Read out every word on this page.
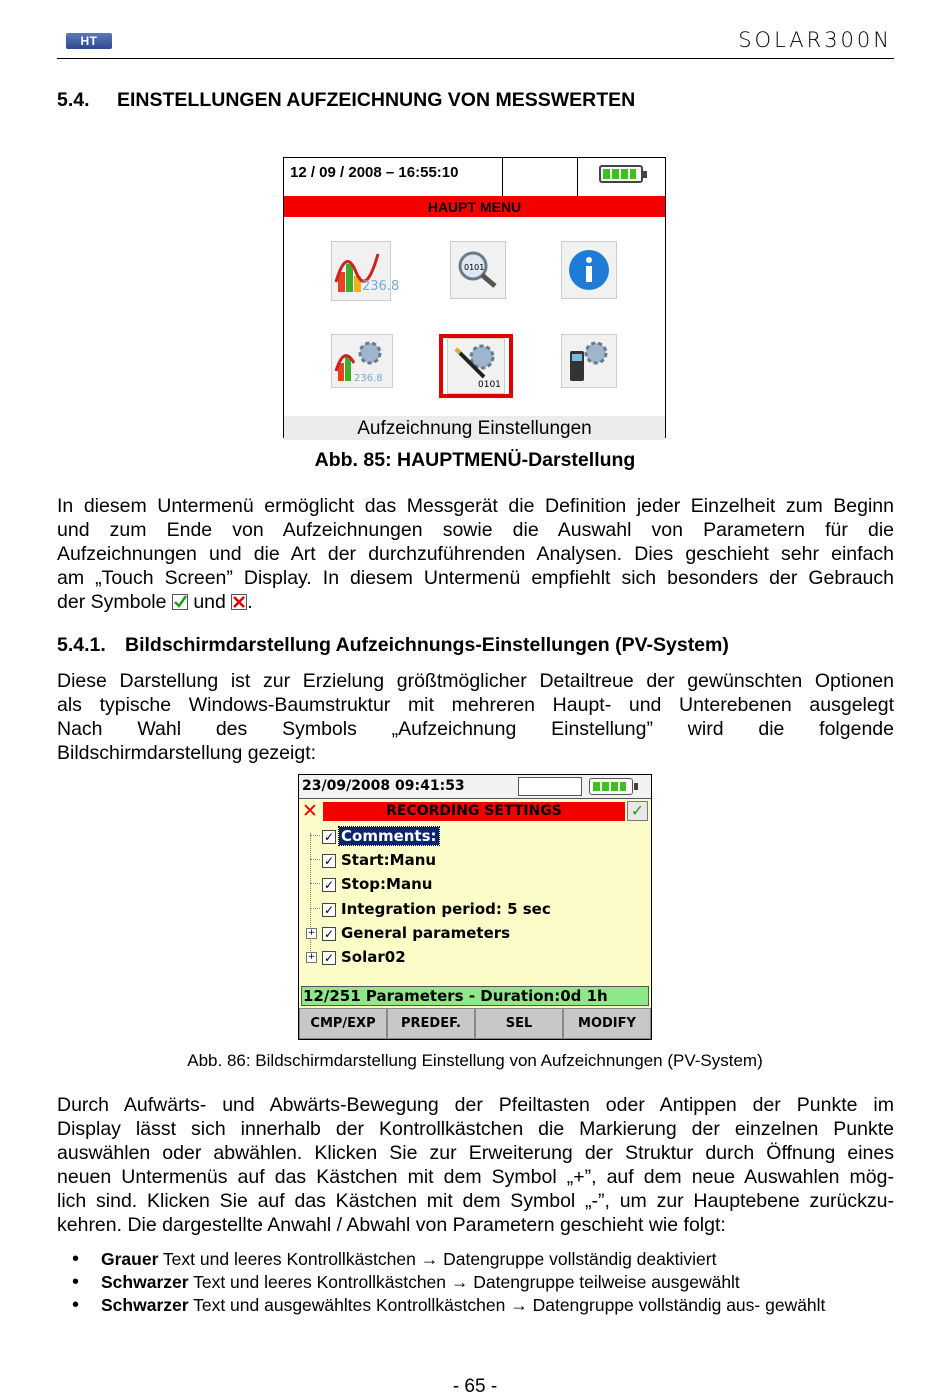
HT	SOLAR300N
5.4. EINSTELLUNGEN AUFZEICHNUNG VON MESSWERTEN
12 / 09 / 2008 – 16:55:10
HAUPT MENU
236.8
0101
236.8
0101
Aufzeichnung Einstellungen
Abb. 85: HAUPTMENÜ-Darstellung
In diesem Untermenü ermöglicht das Messgerät die Definition jeder Einzelheit zum Beginn
und zum Ende von Aufzeichnungen sowie die Auswahl von Parametern für die
Aufzeichnungen und die Art der durchzuführenden Analysen. Dies geschieht sehr einfach
am „Touch Screen” Display. In diesem Untermenü empfiehlt sich besonders der Gebrauch
der Symbole und .
5.4.1. Bildschirmdarstellung Aufzeichnungs-Einstellungen (PV-System)
Diese Darstellung ist zur Erzielung größtmöglicher Detailtreue der gewünschten Optionen
als typische Windows-Baumstruktur mit mehreren Haupt- und Unterebenen ausgelegt
Nach Wahl des Symbols „Aufzeichnung Einstellung” wird die folgende
Bildschirmdarstellung gezeigt:
23/09/2008 09:41:53
✕	RECORDING SETTINGS	✓
✓ Comments:
✓ Start:Manu
✓ Stop:Manu
✓ Integration period: 5 sec
+ ✓ General parameters
+ ✓ Solar02
12/251 Parameters - Duration:0d 1h
CMP/EXP	PREDEF.	SEL	MODIFY
Abb. 86: Bildschirmdarstellung Einstellung von Aufzeichnungen (PV-System)
Durch Aufwärts- und Abwärts-Bewegung der Pfeiltasten oder Antippen der Punkte im
Display lässt sich innerhalb der Kontrollkästchen die Markierung der einzelnen Punkte
auswählen oder abwählen. Klicken Sie zur Erweiterung der Struktur durch Öffnung eines
neuen Untermenüs auf das Kästchen mit dem Symbol „+”, auf dem neue Auswahlen mög-
lich sind. Klicken Sie auf das Kästchen mit dem Symbol „-”, um zur Hauptebene zurückzu-
kehren. Die dargestellte Anwahl / Abwahl von Parametern geschieht wie folgt:
• Grauer Text und leeres Kontrollkästchen → Datengruppe vollständig deaktiviert
• Schwarzer Text und leeres Kontrollkästchen → Datengruppe teilweise ausgewählt
• Schwarzer Text und ausgewähltes Kontrollkästchen → Datengruppe vollständig aus- gewählt
- 65 -
